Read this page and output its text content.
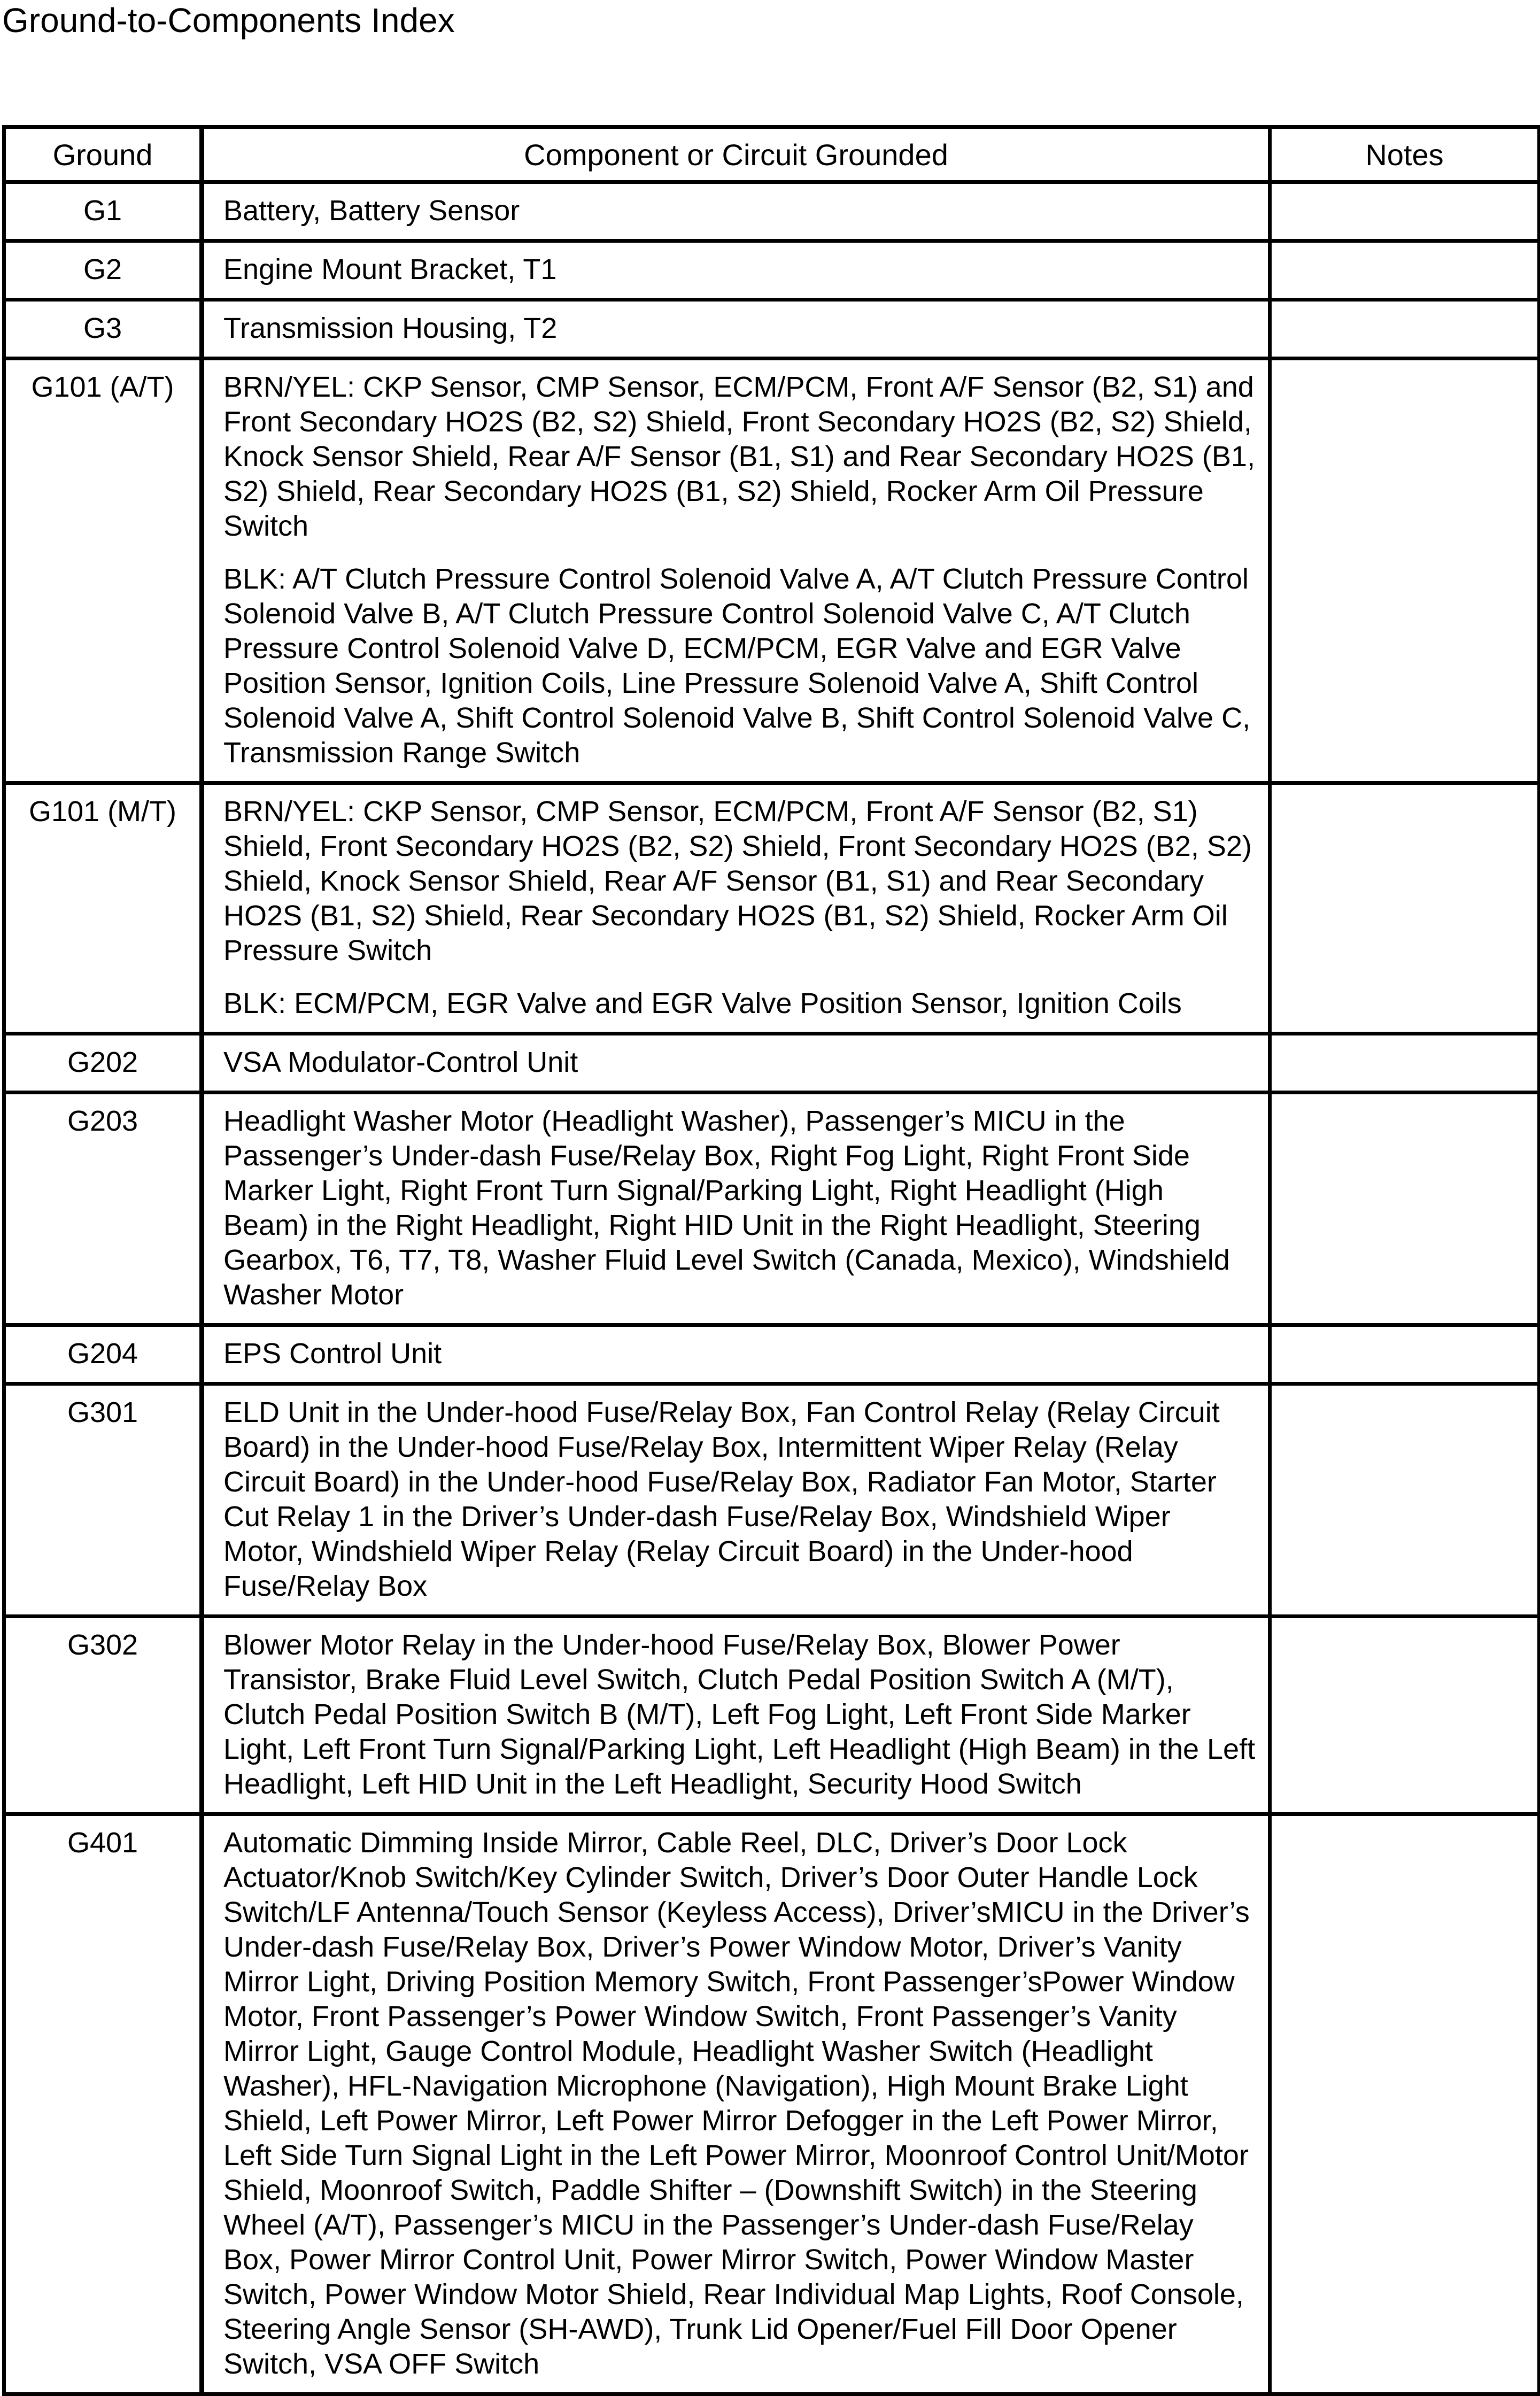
Ground-to-Components Index
Ground	Component or Circuit Grounded	Notes
G1	Battery, Battery Sensor	

G2	Engine Mount Bracket, T1	

G3	Transmission Housing, T2	

G101 (A/T)	BRN/YEL: CKP Sensor, CMP Sensor, ECM/PCM, Front A/F Sensor (B2, S1) and Front Secondary HO2S (B2, S2) Shield, Front Secondary HO2S (B2, S2) Shield, Knock Sensor Shield, Rear A/F Sensor (B1, S1) and Rear Secondary HO2S (B1, S2) Shield, Rear Secondary HO2S (B1, S2) Shield, Rocker Arm Oil Pressure Switch
BLK: A/T Clutch Pressure Control Solenoid Valve A, A/T Clutch Pressure Control Solenoid Valve B, A/T Clutch Pressure Control Solenoid Valve C, A/T Clutch Pressure Control Solenoid Valve D, ECM/PCM, EGR Valve and EGR Valve Position Sensor, Ignition Coils, Line Pressure Solenoid Valve A, Shift Control Solenoid Valve A, Shift Control Solenoid Valve B, Shift Control Solenoid Valve C, Transmission Range Switch	

G101 (M/T)	BRN/YEL: CKP Sensor, CMP Sensor, ECM/PCM, Front A/F Sensor (B2, S1) Shield, Front Secondary HO2S (B2, S2) Shield, Front Secondary HO2S (B2, S2) Shield, Knock Sensor Shield, Rear A/F Sensor (B1, S1) and Rear Secondary HO2S (B1, S2) Shield, Rear Secondary HO2S (B1, S2) Shield, Rocker Arm Oil Pressure Switch
BLK: ECM/PCM, EGR Valve and EGR Valve Position Sensor, Ignition Coils	

G202	VSA Modulator-Control Unit	

G203	Headlight Washer Motor (Headlight Washer), Passenger’s MICU in the Passenger’s Under-dash Fuse/Relay Box, Right Fog Light, Right Front Side Marker Light, Right Front Turn Signal/Parking Light, Right Headlight (High Beam) in the Right Headlight, Right HID Unit in the Right Headlight, Steering Gearbox, T6, T7, T8, Washer Fluid Level Switch (Canada, Mexico), Windshield Washer Motor	

G204	EPS Control Unit	

G301	ELD Unit in the Under-hood Fuse/Relay Box, Fan Control Relay (Relay Circuit Board) in the Under-hood Fuse/Relay Box, Intermittent Wiper Relay (Relay Circuit Board) in the Under-hood Fuse/Relay Box, Radiator Fan Motor, Starter Cut Relay 1 in the Driver’s Under-dash Fuse/Relay Box, Windshield Wiper Motor, Windshield Wiper Relay (Relay Circuit Board) in the Under-hood Fuse/Relay Box	

G302	Blower Motor Relay in the Under-hood Fuse/Relay Box, Blower Power Transistor, Brake Fluid Level Switch, Clutch Pedal Position Switch A (M/T), Clutch Pedal Position Switch B (M/T), Left Fog Light, Left Front Side Marker Light, Left Front Turn Signal/Parking Light, Left Headlight (High Beam) in the Left Headlight, Left HID Unit in the Left Headlight, Security Hood Switch	

G401	Automatic Dimming Inside Mirror, Cable Reel, DLC, Driver’s Door Lock Actuator/Knob Switch/Key Cylinder Switch, Driver’s Door Outer Handle Lock Switch/LF Antenna/Touch Sensor (Keyless Access), Driver’sMICU in the Driver’s Under-dash Fuse/Relay Box, Driver’s Power Window Motor, Driver’s Vanity Mirror Light, Driving Position Memory Switch, Front Passenger’sPower Window Motor, Front Passenger’s Power Window Switch, Front Passenger’s Vanity Mirror Light, Gauge Control Module, Headlight Washer Switch (Headlight Washer), HFL-Navigation Microphone (Navigation), High Mount Brake Light Shield, Left Power Mirror, Left Power Mirror Defogger in the Left Power Mirror, Left Side Turn Signal Light in the Left Power Mirror, Moonroof Control Unit/Motor Shield, Moonroof Switch, Paddle Shifter – (Downshift Switch) in the Steering Wheel (A/T), Passenger’s MICU in the Passenger’s Under-dash Fuse/Relay Box, Power Mirror Control Unit, Power Mirror Switch, Power Window Master Switch, Power Window Motor Shield, Rear Individual Map Lights, Roof Console, Steering Angle Sensor (SH-AWD), Trunk Lid Opener/Fuel Fill Door Opener Switch, VSA OFF Switch	
